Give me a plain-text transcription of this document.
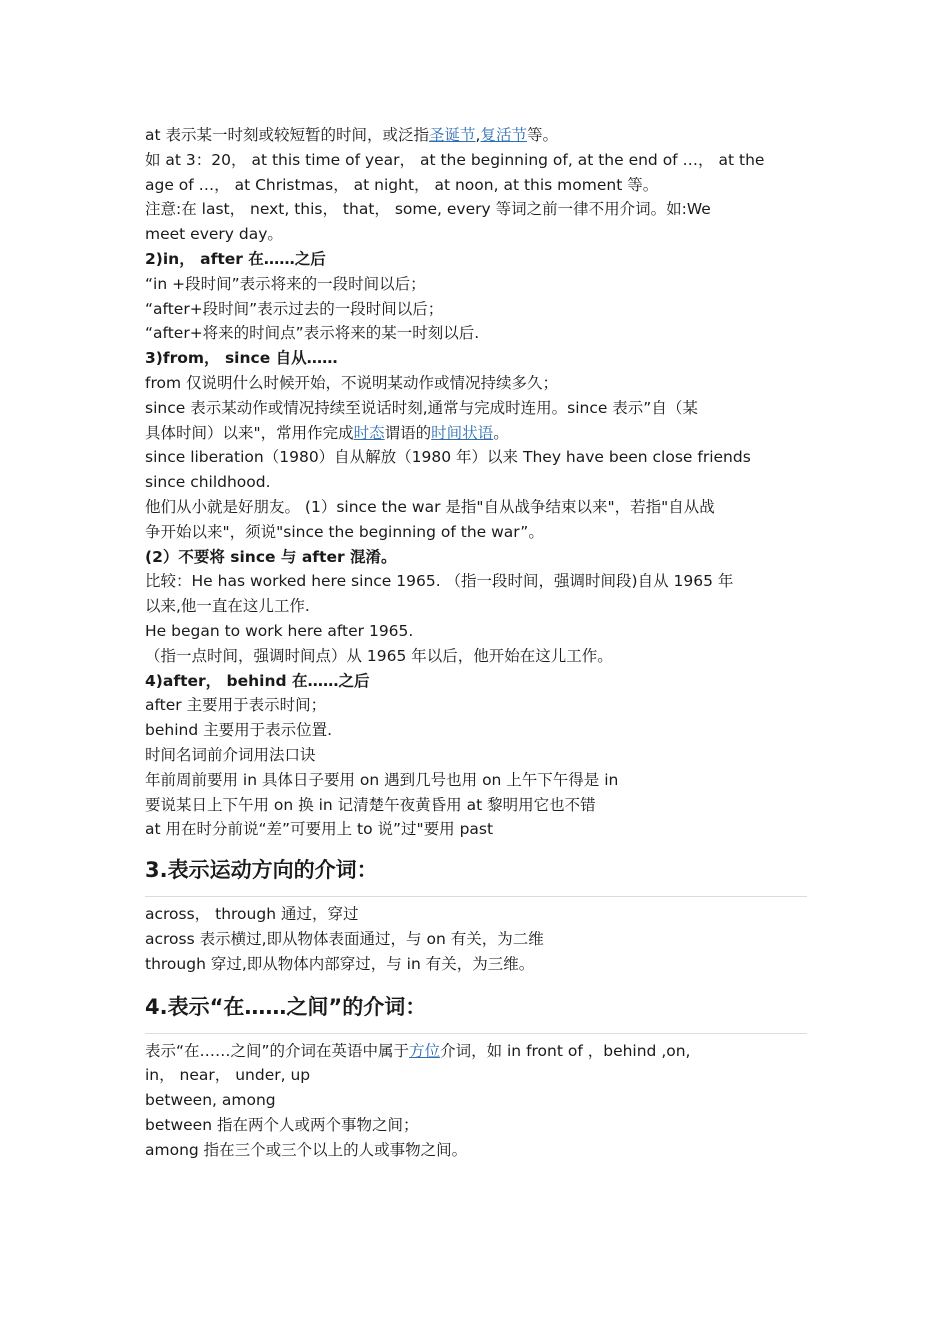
at 表示某一时刻或较短暂的时间，或泛指圣诞节,复活节等。

如 at 3：20， at this time of year， at the beginning of, at the end of …， at the

age of …， at Christmas， at night， at noon, at this moment 等。

注意:在 last， next, this， that， some, every 等词之前一律不用介词。如:We

meet every day。

2)in， after 在……之后

“in +段时间”表示将来的一段时间以后；

“after+段时间”表示过去的一段时间以后；

“after+将来的时间点”表示将来的某一时刻以后.

3)from， since 自从……

from 仅说明什么时候开始，不说明某动作或情况持续多久；

since 表示某动作或情况持续至说话时刻,通常与完成时连用。since 表示”自（某

具体时间）以来"，常用作完成时态谓语的时间状语。

since liberation（1980）自从解放（1980 年）以来 They have been close friends

since childhood.

他们从小就是好朋友。 (1）since the war 是指"自从战争结束以来"，若指"自从战

争开始以来"，须说"since the beginning of the war”。

(2）不要将 since 与 after 混淆。

比较：He has worked here since 1965. （指一段时间，强调时间段)自从 1965 年

以来,他一直在这儿工作.

He began to work here after 1965.

（指一点时间，强调时间点）从 1965 年以后，他开始在这儿工作。

4)after， behind 在……之后

after 主要用于表示时间；

behind 主要用于表示位置.

时间名词前介词用法口诀

年前周前要用 in 具体日子要用 on 遇到几号也用 on 上午下午得是 in

要说某日上下午用 on 换 in 记清楚午夜黄昏用 at 黎明用它也不错

at 用在时分前说“差”可要用上 to 说”过"要用 past

3.表示运动方向的介词：

across， through 通过，穿过

across 表示横过,即从物体表面通过，与 on 有关，为二维

through 穿过,即从物体内部穿过，与 in 有关，为三维。

4.表示“在……之间”的介词：

表示“在……之间”的介词在英语中属于方位介词，如 in front of ，behind ,on,

in， near， under, up

between, among

between 指在两个人或两个事物之间；

among 指在三个或三个以上的人或事物之间。
